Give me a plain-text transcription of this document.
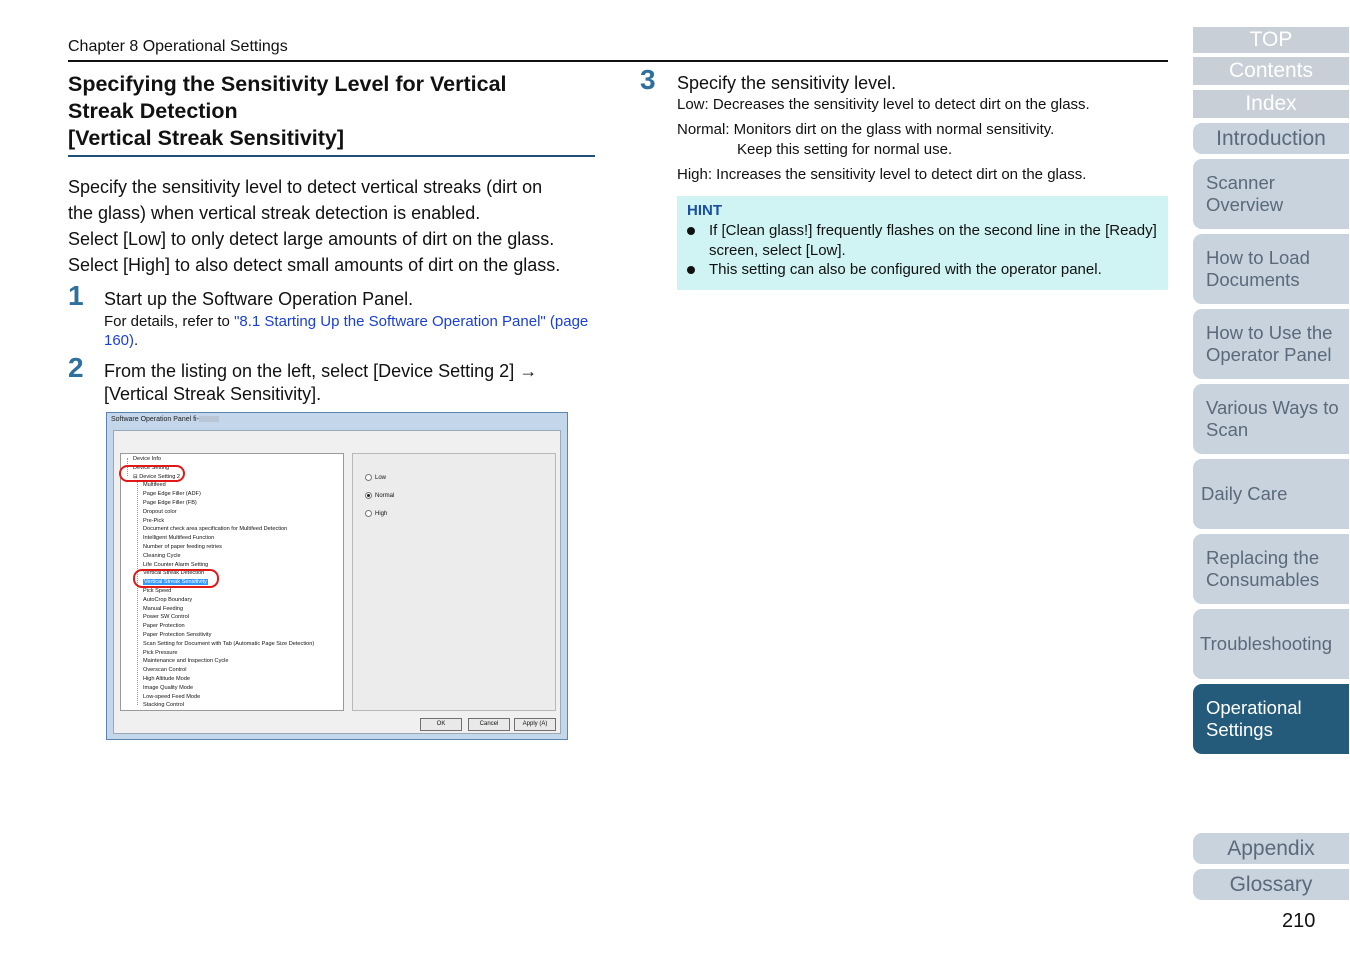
Chapter 8 Operational Settings
Specifying the Sensitivity Level for Vertical
Streak Detection
[Vertical Streak Sensitivity]
Specify the sensitivity level to detect vertical streaks (dirt on
the glass) when vertical streak detection is enabled.
Select [Low] to only detect large amounts of dirt on the glass.
Select [High] to also detect small amounts of dirt on the glass.
1 Start up the Software Operation Panel.
For details, refer to "8.1 Starting Up the Software Operation Panel" (page 160).
2 From the listing on the left, select [Device Setting 2] → [Vertical Streak Sensitivity].
Software Operation Panel fi-
Device Info
Device Setting
⊟ Device Setting 2
Multifeed
Page Edge Filler (ADF)
Page Edge Filler (FB)
Dropout color
Pre-Pick
Document check area specification for Multifeed Detection
Intelligent Multifeed Function
Number of paper feeding retries
Cleaning Cycle
Life Counter Alarm Setting
Vertical Streak Detection
Vertical Streak Sensitivity
Pick Speed
AutoCrop Boundary
Manual Feeding
Power SW Control
Paper Protection
Paper Protection Sensitivity
Scan Setting for Document with Tab (Automatic Page Size Detection)
Pick Pressure
Maintenance and Inspection Cycle
Overscan Control
High Altitude Mode
Image Quality Mode
Low-speed Feed Mode
Stacking Control
Low
Normal
High
OK	Cancel	Apply (A)
3 Specify the sensitivity level.
Low: Decreases the sensitivity level to detect dirt on the glass.
Normal: Monitors dirt on the glass with normal sensitivity.
Keep this setting for normal use.
High: Increases the sensitivity level to detect dirt on the glass.
HINT
If [Clean glass!] frequently flashes on the second line in the [Ready] screen, select [Low].
This setting can also be configured with the operator panel.
TOP
Contents
Index
Introduction
Scanner Overview
How to Load Documents
How to Use the Operator Panel
Various Ways to Scan
Daily Care
Replacing the Consumables
Troubleshooting
Operational Settings
Appendix
Glossary
210
